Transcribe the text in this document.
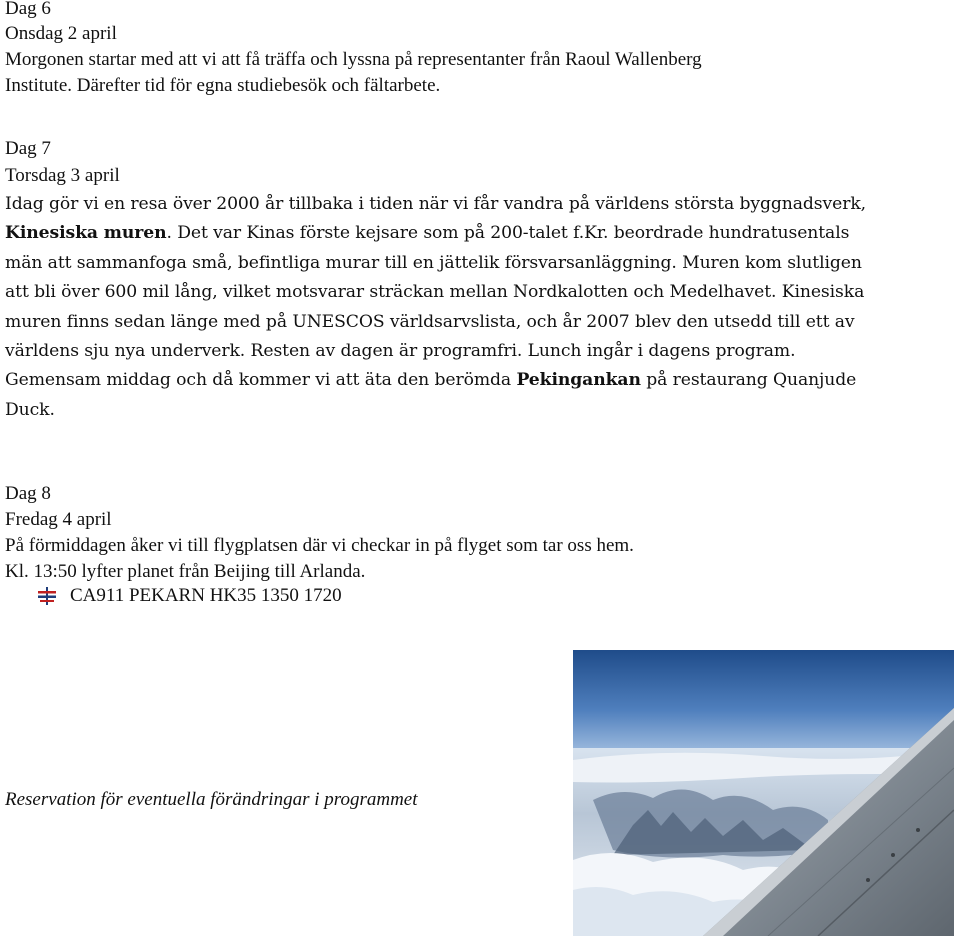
Dag 6
Onsdag 2 april
Morgonen startar med att vi att få träffa och lyssna på representanter från Raoul Wallenberg
Institute. Därefter tid för egna studiebesök och fältarbete.
Dag 7
Torsdag 3 april
Idag gör vi en resa över 2000 år tillbaka i tiden när vi får vandra på världens största byggnadsverk, Kinesiska muren. Det var Kinas förste kejsare som på 200-talet f.Kr. beordrade hundratusentals män att sammanfoga små, befintliga murar till en jättelik försvarsanläggning. Muren kom slutligen att bli över 600 mil lång, vilket motsvarar sträckan mellan Nordkalotten och Medelhavet. Kinesiska muren finns sedan länge med på UNESCOS världsarvslista, och år 2007 blev den utsedd till ett av världens sju nya underverk. Resten av dagen är programfri. Lunch ingår i dagens program. Gemensam middag och då kommer vi att äta den berömda Pekingankan på restaurang Quanjude Duck.
Dag 8
Fredag 4 april
På förmiddagen åker vi till flygplatsen där vi checkar in på flyget som tar oss hem.
Kl. 13:50 lyfter planet från Beijing till Arlanda.
CA911 PEKARN HK35 1350 1720
Reservation för eventuella förändringar i programmet
